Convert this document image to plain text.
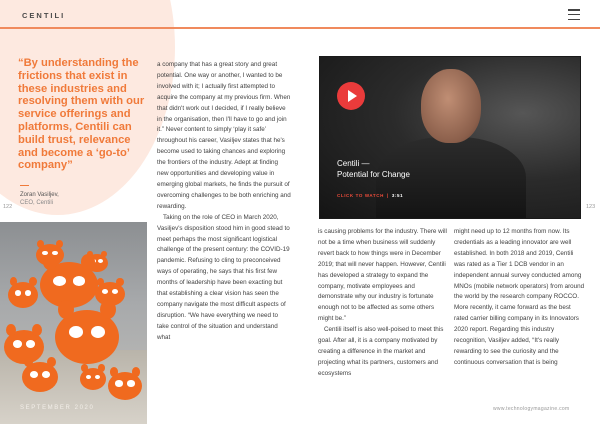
CENTILI
“By understanding the frictions that exist in these industries and resolving them with our service offerings and platforms, Centili can build trust, relevance and become a ‘go-to’ company”
Zoran Vasiljev,
CEO, Centili
122	123
SEPTEMBER 2020

a company that has a great story and great potential. One way or another, I wanted to be involved with it; I actually first attempted to acquire the company at my previous firm. When that didn't work out I decided, if I really believe in the organisation, then I'll have to go and join it.” Never content to simply ‘play it safe’ throughout his career, Vasiljev states that he's become used to taking chances and exploring the frontiers of the industry. Adept at finding new opportunities and developing value in emerging global markets, he finds the pursuit of overcoming challenges to be both enriching and rewarding.

Taking on the role of CEO in March 2020, Vasiljev's disposition stood him in good stead to meet perhaps the most significant logistical challenge of the present century: the COVID-19 pandemic. Refusing to cling to preconceived ways of operating, he says that his first few months of leadership have been exacting but that establishing a clear vision has seen the company navigate the most difficult aspects of disruption. “We have everything we need to take control of the situation and understand what

Centili —
Potential for Change
CLICK TO WATCH | 3:51

is causing problems for the industry. There will not be a time when business will suddenly revert back to how things were in December 2019; that will never happen. However, Centili has developed a strategy to expand the company, motivate employees and demonstrate why our industry is fortunate enough not to be affected as some others might be.”

Centili itself is also well-poised to meet this goal. After all, it is a company motivated by creating a difference in the market and projecting what its partners, customers and ecosystems

might need up to 12 months from now. Its credentials as a leading innovator are well established. In both 2018 and 2019, Centili was rated as a Tier 1 DCB vendor in an independent annual survey conducted among MNOs (mobile network operators) from around the world by the research company ROCCO. More recently, it came forward as the best rated carrier billing company in its Innovators 2020 report. Regarding this industry recognition, Vasiljev added, “It's really rewarding to see the curiosity and the continuous conversation that is being

www.technologymagazine.com
